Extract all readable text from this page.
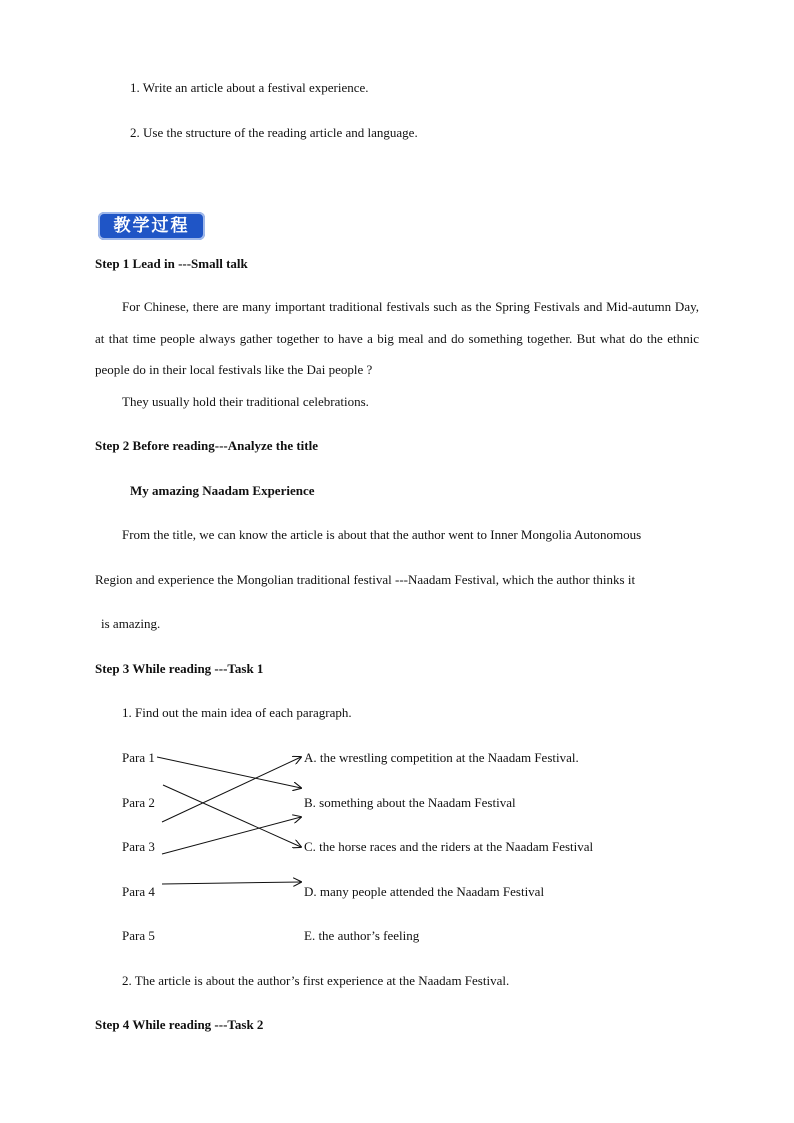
1. Write an article about a festival experience.
2. Use the structure of the reading article and language.
教学过程
Step 1 Lead in ---Small talk
For Chinese, there are many important traditional festivals such as the Spring Festivals and Mid-autumn Day, at that time people always gather together to have a big meal and do something together. But what do the ethnic people do in their local festivals like the Dai people ?
They usually hold their traditional celebrations.
Step 2 Before reading---Analyze the title
My amazing Naadam Experience
From the title, we can know the article is about that the author went to Inner Mongolia Autonomous
Region and experience the Mongolian traditional festival ---Naadam Festival, which the author thinks it
is amazing.
Step 3 While reading ---Task 1
1. Find out the main idea of each paragraph.
Para 1
Para 2
Para 3
Para 4
Para 5
A. the wrestling competition at the Naadam Festival.
B. something about the Naadam Festival
C. the horse races and the riders at the Naadam Festival
D. many people attended the Naadam Festival
E. the author’s feeling
2. The article is about the author’s first experience at the Naadam Festival.
Step 4 While reading ---Task 2
